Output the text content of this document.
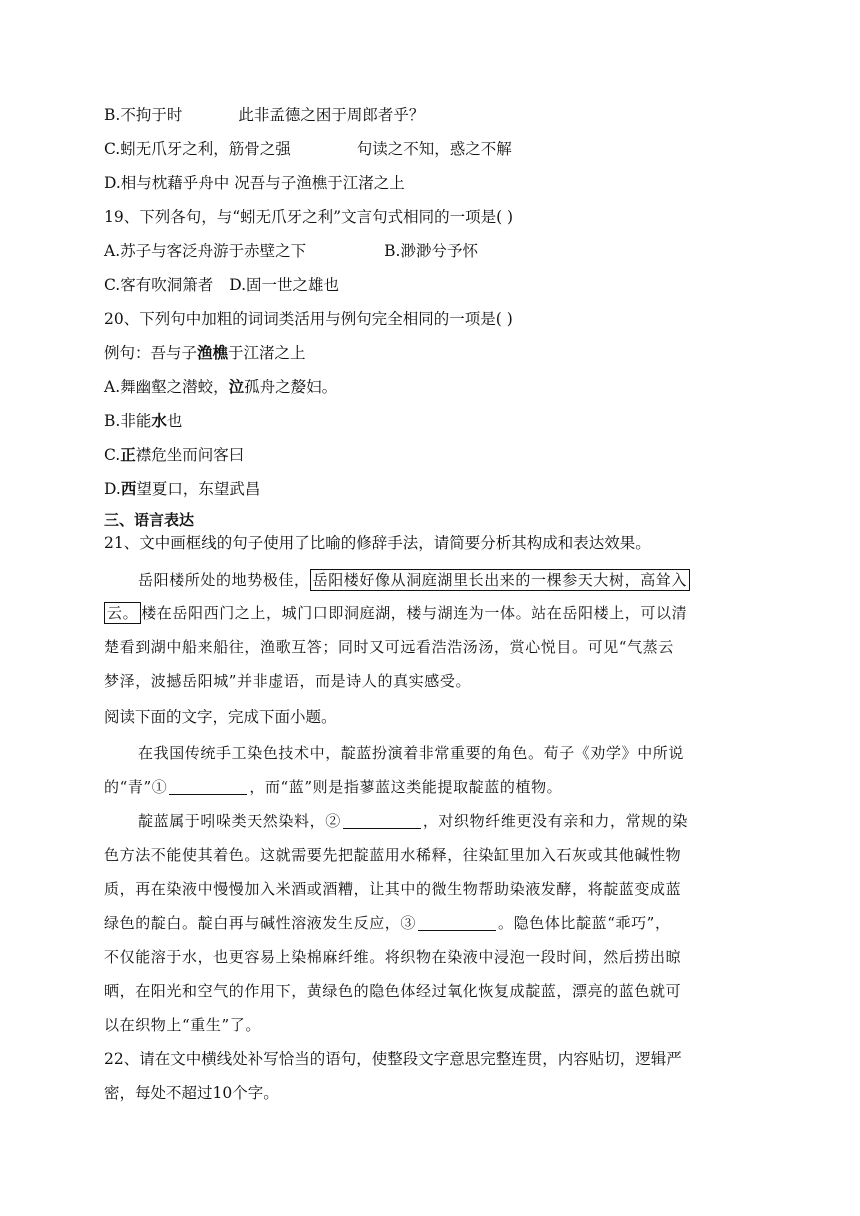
B.不拘于时	此非孟德之困于周郎者乎？
C.蚓无爪牙之利，筋骨之强	句读之不知，惑之不解
D.相与枕藉乎舟中 况吾与子渔樵于江渚之上
19、下列各句，与“蚓无爪牙之利”文言句式相同的一项是( )
A.苏子与客泛舟游于赤壁之下	B.渺渺兮予怀
C.客有吹洞箫者 D.固一世之雄也
20、下列句中加粗的词词类活用与例句完全相同的一项是( )
例句：吾与子渔樵于江渚之上
A.舞幽壑之潜蛟，泣孤舟之嫠妇。
B.非能水也
C.正襟危坐而问客曰
D.西望夏口，东望武昌
三、语言表达
21、文中画框线的句子使用了比喻的修辞手法，请简要分析其构成和表达效果。
岳阳楼所处的地势极佳， 岳阳楼好像从洞庭湖里长出来的一棵参天大树，高耸入
云。 楼在岳阳西门之上，城门口即洞庭湖，楼与湖连为一体。站在岳阳楼上，可以清
楚看到湖中船来船往，渔歌互答；同时又可远看浩浩汤汤，赏心悦目。可见“气蒸云
梦泽，波撼岳阳城”并非虚语，而是诗人的真实感受。
阅读下面的文字，完成下面小题。
在我国传统手工染色技术中，靛蓝扮演着非常重要的角色。荀子《劝学》中所说
的“青”①	，而“蓝”则是指蓼蓝这类能提取靛蓝的植物。
靛蓝属于吲哚类天然染料，②	，对织物纤维更没有亲和力，常规的染
色方法不能使其着色。这就需要先把靛蓝用水稀释，往染缸里加入石灰或其他碱性物
质，再在染液中慢慢加入米酒或酒糟，让其中的微生物帮助染液发酵，将靛蓝变成蓝
绿色的靛白。靛白再与碱性溶液发生反应，③	。隐色体比靛蓝“乖巧”，
不仅能溶于水，也更容易上染棉麻纤维。将织物在染液中浸泡一段时间，然后捞出晾
晒，在阳光和空气的作用下，黄绿色的隐色体经过氧化恢复成靛蓝，漂亮的蓝色就可
以在织物上“重生”了。
22、请在文中横线处补写恰当的语句，使整段文字意思完整连贯，内容贴切，逻辑严
密，每处不超过10个字。
